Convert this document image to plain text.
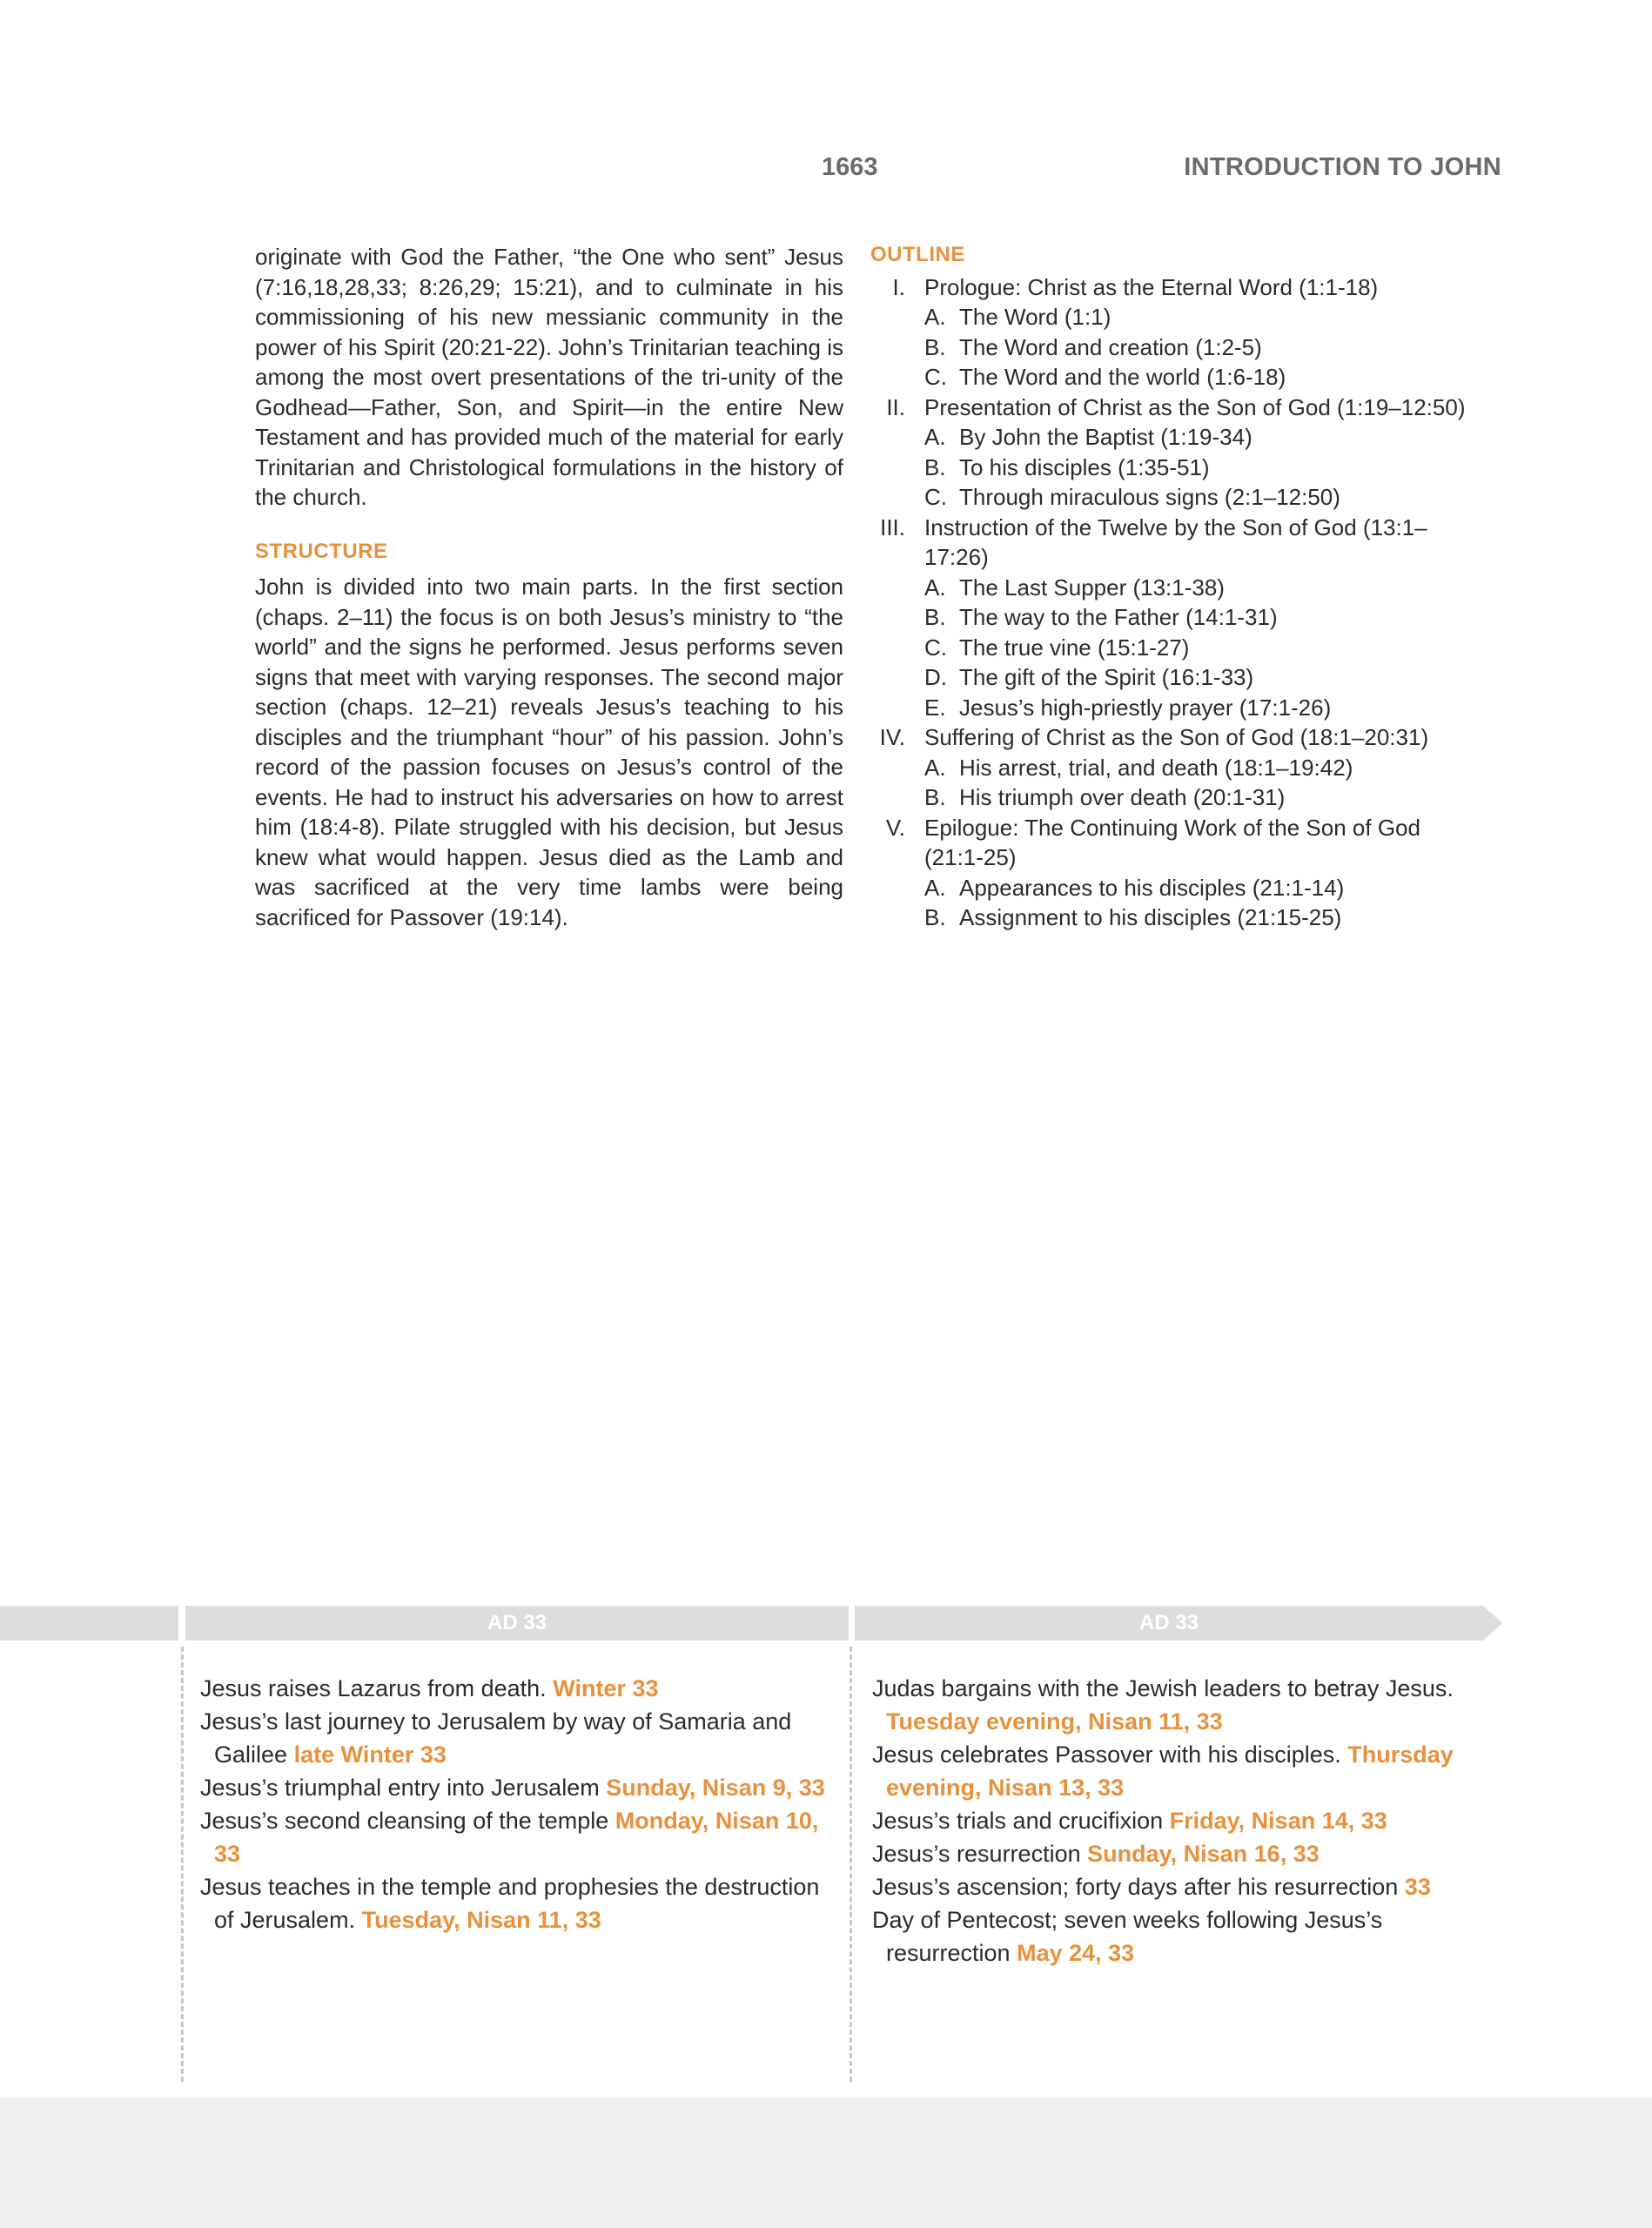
1663	INTRODUCTION TO JOHN

originate with God the Father, “the One who sent” Jesus (7:16,18,28,33; 8:26,29; 15:21), and to culminate in his commissioning of his new messianic community in the power of his Spirit (20:21-22). John’s Trinitarian teaching is among the most overt presentations of the tri-unity of the Godhead—Father, Son, and Spirit—in the entire New Testament and has provided much of the material for early Trinitarian and Christological formulations in the history of the church.

STRUCTURE

John is divided into two main parts. In the first section (chaps. 2–11) the focus is on both Jesus’s ministry to “the world” and the signs he performed. Jesus performs seven signs that meet with varying responses. The second major section (chaps. 12–21) reveals Jesus’s teaching to his disciples and the triumphant “hour” of his passion. John’s record of the passion focuses on Jesus’s control of the events. He had to instruct his adversaries on how to arrest him (18:4-8). Pilate struggled with his decision, but Jesus knew what would happen. Jesus died as the Lamb and was sacrificed at the very time lambs were being sacrificed for Passover (19:14).

OUTLINE
I. Prologue: Christ as the Eternal Word (1:1-18)
A. The Word (1:1)
B. The Word and creation (1:2-5)
C. The Word and the world (1:6-18)
II. Presentation of Christ as the Son of God (1:19–12:50)
A. By John the Baptist (1:19-34)
B. To his disciples (1:35-51)
C. Through miraculous signs (2:1–12:50)
III. Instruction of the Twelve by the Son of God (13:1–17:26)
A. The Last Supper (13:1-38)
B. The way to the Father (14:1-31)
C. The true vine (15:1-27)
D. The gift of the Spirit (16:1-33)
E. Jesus’s high-priestly prayer (17:1-26)
IV. Suffering of Christ as the Son of God (18:1–20:31)
A. His arrest, trial, and death (18:1–19:42)
B. His triumph over death (20:1-31)
V. Epilogue: The Continuing Work of the Son of God (21:1-25)
A. Appearances to his disciples (21:1-14)
B. Assignment to his disciples (21:15-25)
AD 33	AD 33
Jesus raises Lazarus from death. Winter 33
Jesus’s last journey to Jerusalem by way of Samaria and Galilee late Winter 33
Jesus’s triumphal entry into Jerusalem Sunday, Nisan 9, 33
Jesus’s second cleansing of the temple Monday, Nisan 10, 33
Jesus teaches in the temple and prophesies the destruction of Jerusalem. Tuesday, Nisan 11, 33
Judas bargains with the Jewish leaders to betray Jesus. Tuesday evening, Nisan 11, 33
Jesus celebrates Passover with his disciples. Thursday evening, Nisan 13, 33
Jesus’s trials and crucifixion Friday, Nisan 14, 33
Jesus’s resurrection Sunday, Nisan 16, 33
Jesus’s ascension; forty days after his resurrection 33
Day of Pentecost; seven weeks following Jesus’s resurrection May 24, 33
